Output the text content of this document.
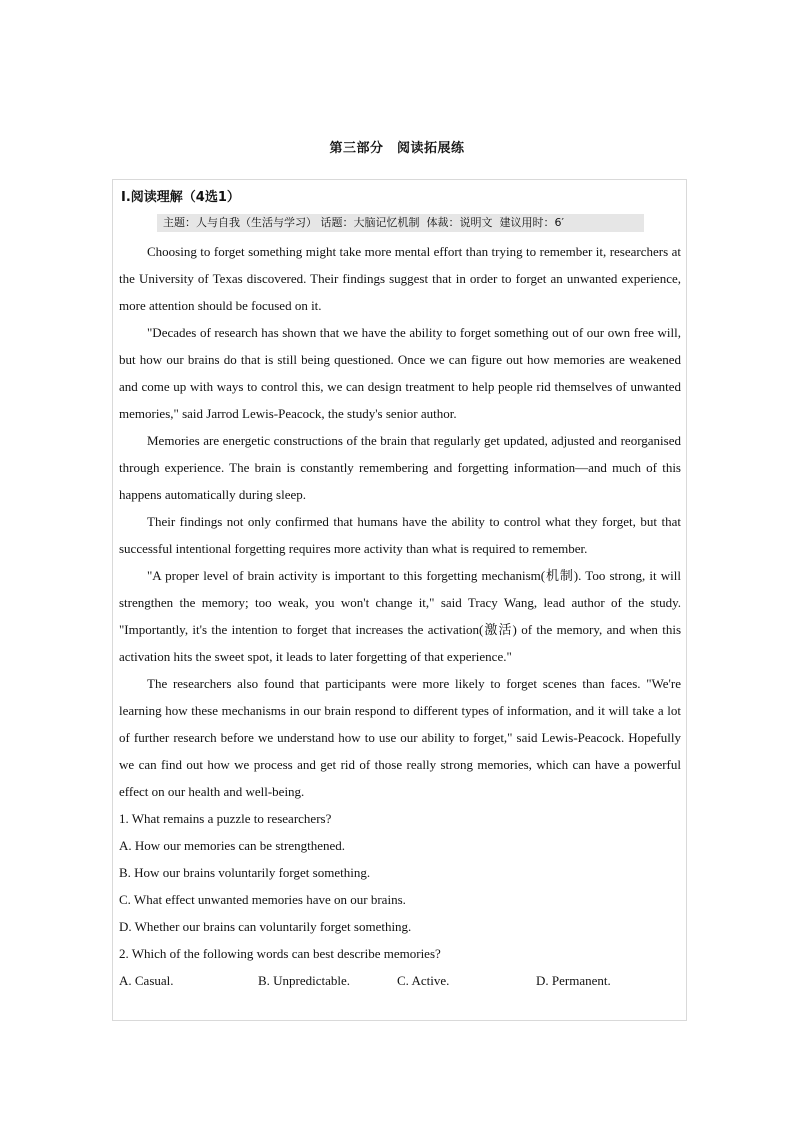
第三部分　阅读拓展练
Ⅰ.阅读理解（4选1）
主题：人与自我（生活与学习） 话题：大脑记忆机制  体裁：说明文  建议用时：6′

Choosing to forget something might take more mental effort than trying to remember it, researchers at the University of Texas discovered. Their findings suggest that in order to forget an unwanted experience, more attention should be focused on it.

"Decades of research has shown that we have the ability to forget something out of our own free will, but how our brains do that is still being questioned. Once we can figure out how memories are weakened and come up with ways to control this, we can design treatment to help people rid themselves of unwanted memories," said Jarrod Lewis-Peacock, the study's senior author.

Memories are energetic constructions of the brain that regularly get updated, adjusted and reorganised through experience. The brain is constantly remembering and forgetting information—and much of this happens automatically during sleep.

Their findings not only confirmed that humans have the ability to control what they forget, but that successful intentional forgetting requires more activity than what is required to remember.

"A proper level of brain activity is important to this forgetting mechanism(机制). Too strong, it will strengthen the memory; too weak, you won't change it," said Tracy Wang, lead author of the study. "Importantly, it's the intention to forget that increases the activation(激活) of the memory, and when this activation hits the sweet spot, it leads to later forgetting of that experience."

The researchers also found that participants were more likely to forget scenes than faces. "We're learning how these mechanisms in our brain respond to different types of information, and it will take a lot of further research before we understand how to use our ability to forget," said Lewis-Peacock. Hopefully we can find out how we process and get rid of those really strong memories, which can have a powerful effect on our health and well-being.

1. What remains a puzzle to researchers?
A. How our memories can be strengthened.
B. How our brains voluntarily forget something.
C. What effect unwanted memories have on our brains.
D. Whether our brains can voluntarily forget something.
2. Which of the following words can best describe memories?
A. Casual.	B. Unpredictable.	C. Active.	D. Permanent.
